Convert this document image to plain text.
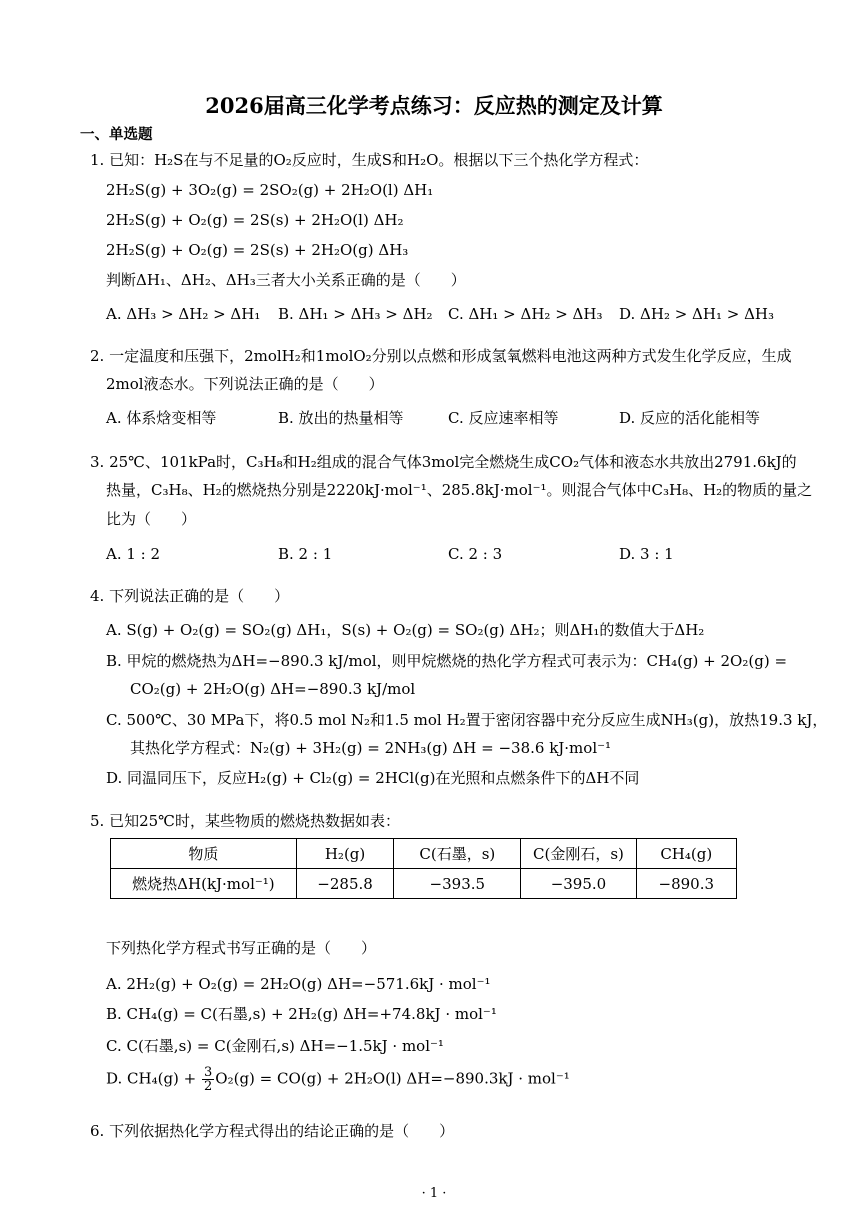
2026届高三化学考点练习：反应热的测定及计算
一、单选题
1. 已知：H₂S在与不足量的O₂反应时，生成S和H₂O。根据以下三个热化学方程式：
2H₂S(g) + 3O₂(g) = 2SO₂(g) + 2H₂O(l) ΔH₁
2H₂S(g) + O₂(g) = 2S(s) + 2H₂O(l) ΔH₂
2H₂S(g) + O₂(g) = 2S(s) + 2H₂O(g) ΔH₃
判断ΔH₁、ΔH₂、ΔH₃三者大小关系正确的是（　　）
A. ΔH₃ > ΔH₂ > ΔH₁ B. ΔH₁ > ΔH₃ > ΔH₂ C. ΔH₁ > ΔH₂ > ΔH₃ D. ΔH₂ > ΔH₁ > ΔH₃
2. 一定温度和压强下，2molH₂和1molO₂分别以点燃和形成氢氧燃料电池这两种方式发生化学反应，生成
2mol液态水。下列说法正确的是（　　）
A. 体系焓变相等	B. 放出的热量相等	C. 反应速率相等	D. 反应的活化能相等
3. 25℃、101kPa时，C₃H₈和H₂组成的混合气体3mol完全燃烧生成CO₂气体和液态水共放出2791.6kJ的
热量，C₃H₈、H₂的燃烧热分别是2220kJ·mol⁻¹、285.8kJ·mol⁻¹。则混合气体中C₃H₈、H₂的物质的量之
比为（　　）
A. 1 : 2	B. 2 : 1	C. 2 : 3	D. 3 : 1
4. 下列说法正确的是（　　）
A. S(g) + O₂(g) = SO₂(g) ΔH₁，S(s) + O₂(g) = SO₂(g) ΔH₂；则ΔH₁的数值大于ΔH₂
B. 甲烷的燃烧热为ΔH=−890.3 kJ/mol，则甲烷燃烧的热化学方程式可表示为：CH₄(g) + 2O₂(g) =
CO₂(g) + 2H₂O(g) ΔH=−890.3 kJ/mol
C. 500℃、30 MPa下，将0.5 mol N₂和1.5 mol H₂置于密闭容器中充分反应生成NH₃(g)，放热19.3 kJ，
其热化学方程式：N₂(g) + 3H₂(g) = 2NH₃(g) ΔH = −38.6 kJ·mol⁻¹
D. 同温同压下，反应H₂(g) + Cl₂(g) = 2HCl(g)在光照和点燃条件下的ΔH不同
5. 已知25℃时，某些物质的燃烧热数据如表：
物质	H₂(g)	C(石墨，s)	C(金刚石，s)	CH₄(g)
燃烧热ΔH(kJ·mol⁻¹)	−285.8	−393.5	−395.0	−890.3
下列热化学方程式书写正确的是（　　）
A. 2H₂(g) + O₂(g) = 2H₂O(g) ΔH=−571.6kJ · mol⁻¹
B. CH₄(g) = C(石墨,s) + 2H₂(g) ΔH=+74.8kJ · mol⁻¹
C. C(石墨,s) = C(金刚石,s) ΔH=−1.5kJ · mol⁻¹
D. $CH_4(g) + \frac{3}{2} O_2(g) = CO(g) + 2H_2O(l) \Delta H=-890.3kJ \cdot mol^{-1}$
6. 下列依据热化学方程式得出的结论正确的是（　　）
· 1 ·
